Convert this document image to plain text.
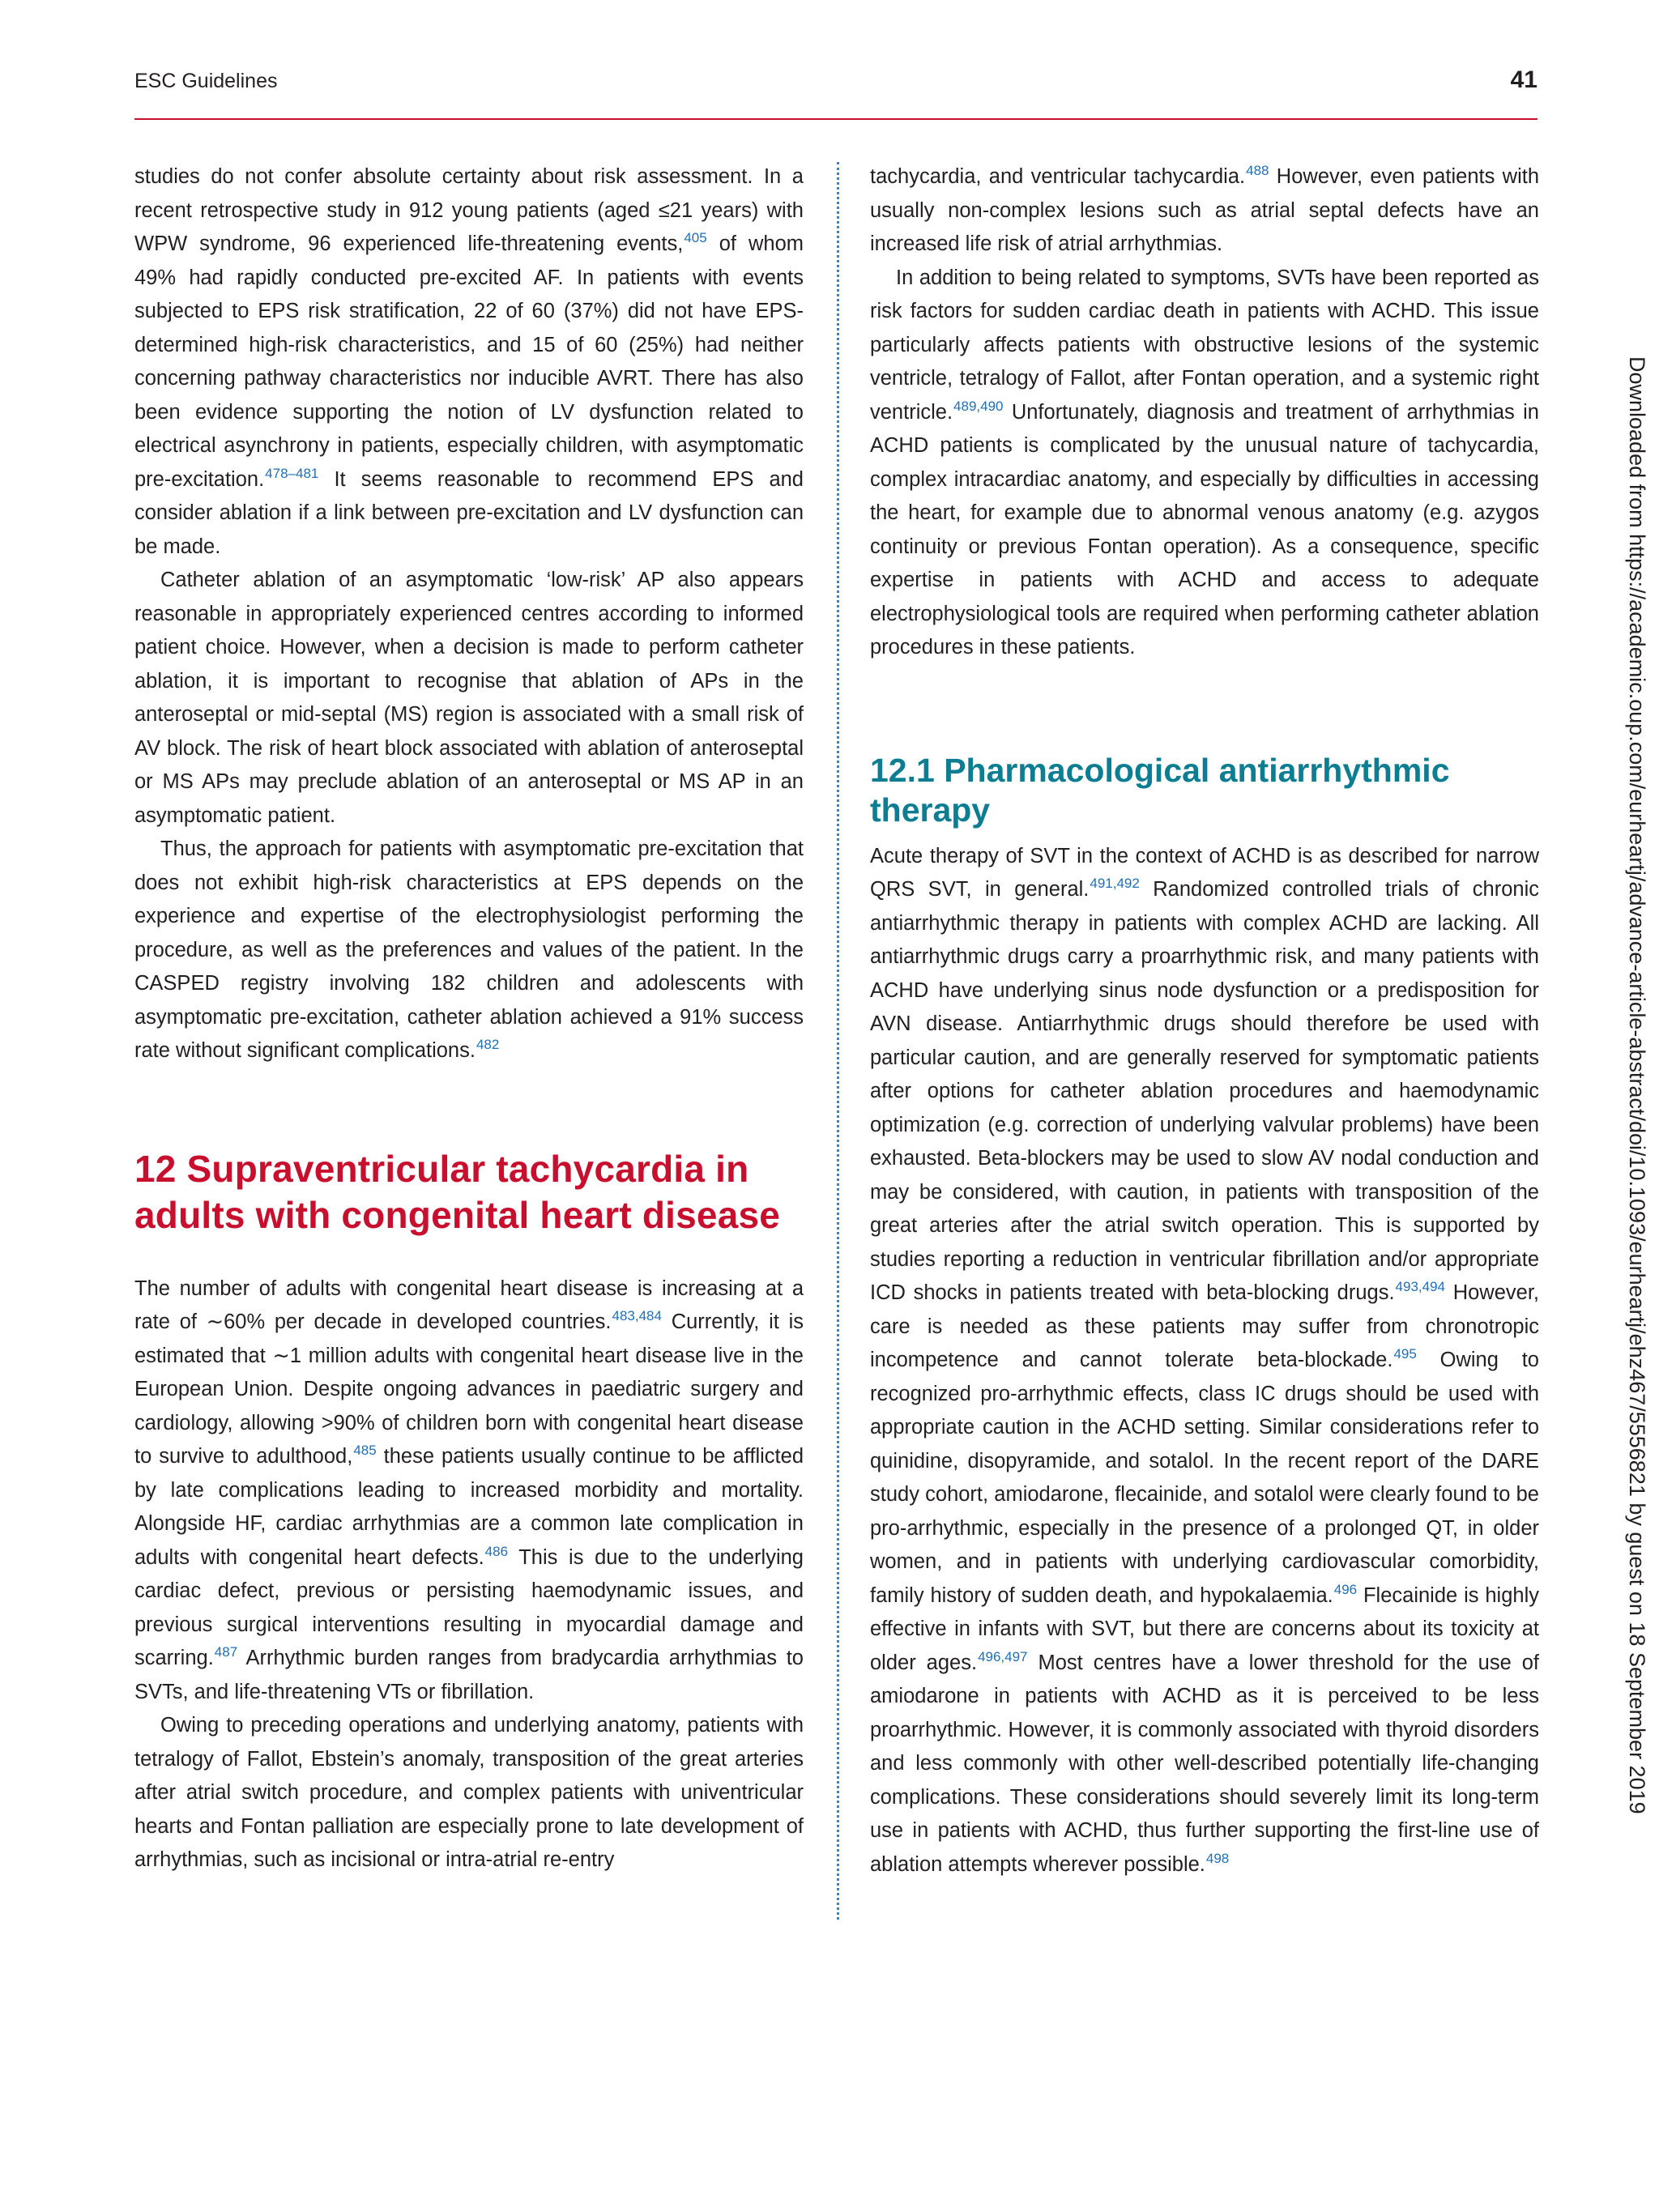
ESC Guidelines	41

studies do not confer absolute certainty about risk assessment. In a recent retrospective study in 912 young patients (aged ≤21 years) with WPW syndrome, 96 experienced life-threatening events,$^{405}$ of whom 49% had rapidly conducted pre-excited AF. In patients with events subjected to EPS risk stratification, 22 of 60 (37%) did not have EPS-determined high-risk characteristics, and 15 of 60 (25%) had neither concerning pathway characteristics nor inducible AVRT. There has also been evidence supporting the notion of LV dysfunction related to electrical asynchrony in patients, especially children, with asymptomatic pre-excitation.$^{478-481}$ It seems reasonable to recommend EPS and consider ablation if a link between pre-excitation and LV dysfunction can be made.

Catheter ablation of an asymptomatic ‘low-risk’ AP also appears reasonable in appropriately experienced centres according to informed patient choice. However, when a decision is made to perform catheter ablation, it is important to recognise that ablation of APs in the anteroseptal or mid-septal (MS) region is associated with a small risk of AV block. The risk of heart block associated with ablation of anteroseptal or MS APs may preclude ablation of an anteroseptal or MS AP in an asymptomatic patient.

Thus, the approach for patients with asymptomatic pre-excitation that does not exhibit high-risk characteristics at EPS depends on the experience and expertise of the electrophysiologist performing the procedure, as well as the preferences and values of the patient. In the CASPED registry involving 182 children and adolescents with asymptomatic pre-excitation, catheter ablation achieved a 91% success rate without significant complications.$^{482}$

12 Supraventricular tachycardia in adults with congenital heart disease

The number of adults with congenital heart disease is increasing at a rate of ∼60% per decade in developed countries.$^{483,484}$ Currently, it is estimated that ∼1 million adults with congenital heart disease live in the European Union. Despite ongoing advances in paediatric surgery and cardiology, allowing >90% of children born with congenital heart disease to survive to adulthood,$^{485}$ these patients usually continue to be afflicted by late complications leading to increased morbidity and mortality. Alongside HF, cardiac arrhythmias are a common late complication in adults with congenital heart defects.$^{486}$ This is due to the underlying cardiac defect, previous or persisting haemodynamic issues, and previous surgical interventions resulting in myocardial damage and scarring.$^{487}$ Arrhythmic burden ranges from bradycardia arrhythmias to SVTs, and life-threatening VTs or fibrillation.

Owing to preceding operations and underlying anatomy, patients with tetralogy of Fallot, Ebstein’s anomaly, transposition of the great arteries after atrial switch procedure, and complex patients with univentricular hearts and Fontan palliation are especially prone to late development of arrhythmias, such as incisional or intra-atrial re-entry

tachycardia, and ventricular tachycardia.$^{488}$ However, even patients with usually non-complex lesions such as atrial septal defects have an increased life risk of atrial arrhythmias.

In addition to being related to symptoms, SVTs have been reported as risk factors for sudden cardiac death in patients with ACHD. This issue particularly affects patients with obstructive lesions of the systemic ventricle, tetralogy of Fallot, after Fontan operation, and a systemic right ventricle.$^{489,490}$ Unfortunately, diagnosis and treatment of arrhythmias in ACHD patients is complicated by the unusual nature of tachycardia, complex intracardiac anatomy, and especially by difficulties in accessing the heart, for example due to abnormal venous anatomy (e.g. azygos continuity or previous Fontan operation). As a consequence, specific expertise in patients with ACHD and access to adequate electrophysiological tools are required when performing catheter ablation procedures in these patients.

12.1 Pharmacological antiarrhythmic therapy

Acute therapy of SVT in the context of ACHD is as described for narrow QRS SVT, in general.$^{491,492}$ Randomized controlled trials of chronic antiarrhythmic therapy in patients with complex ACHD are lacking. All antiarrhythmic drugs carry a proarrhythmic risk, and many patients with ACHD have underlying sinus node dysfunction or a predisposition for AVN disease. Antiarrhythmic drugs should therefore be used with particular caution, and are generally reserved for symptomatic patients after options for catheter ablation procedures and haemodynamic optimization (e.g. correction of underlying valvular problems) have been exhausted. Beta-blockers may be used to slow AV nodal conduction and may be considered, with caution, in patients with transposition of the great arteries after the atrial switch operation. This is supported by studies reporting a reduction in ventricular fibrillation and/or appropriate ICD shocks in patients treated with beta-blocking drugs.$^{493,494}$ However, care is needed as these patients may suffer from chronotropic incompetence and cannot tolerate beta-blockade.$^{495}$ Owing to recognized pro-arrhythmic effects, class IC drugs should be used with appropriate caution in the ACHD setting. Similar considerations refer to quinidine, disopyramide, and sotalol. In the recent report of the DARE study cohort, amiodarone, flecainide, and sotalol were clearly found to be pro-arrhythmic, especially in the presence of a prolonged QT, in older women, and in patients with underlying cardiovascular comorbidity, family history of sudden death, and hypokalaemia.$^{496}$ Flecainide is highly effective in infants with SVT, but there are concerns about its toxicity at older ages.$^{496,497}$ Most centres have a lower threshold for the use of amiodarone in patients with ACHD as it is perceived to be less proarrhythmic. However, it is commonly associated with thyroid disorders and less commonly with other well-described potentially life-changing complications. These considerations should severely limit its long-term use in patients with ACHD, thus further supporting the first-line use of ablation attempts wherever possible.$^{498}$

Downloaded from https://academic.oup.com/eurheartj/advance-article-abstract/doi/10.1093/eurheartj/ehz467/5556821 by guest on 18 September 2019
